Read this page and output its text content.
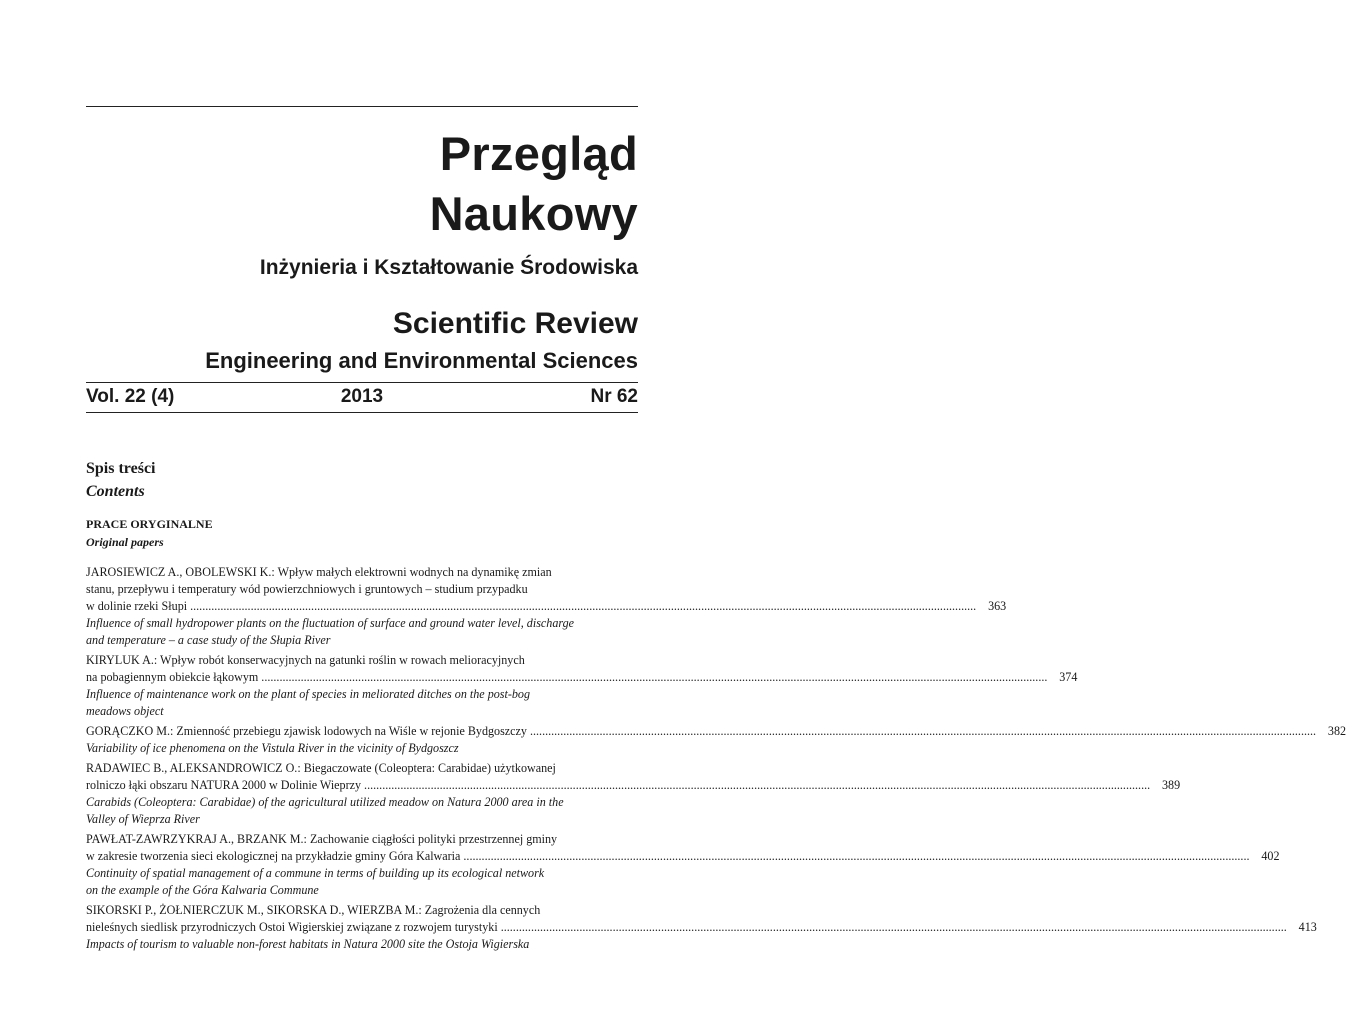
Przegląd
Naukowy
Inżynieria i Kształtowanie Środowiska
Scientific Review
Engineering and Environmental Sciences
Vol. 22 (4)	2013	Nr 62
Spis treści
Contents
PRACE ORYGINALNE
Original papers
JAROSIEWICZ A., OBOLEWSKI K.: Wpływ małych elektrowni wodnych na dynamikę zmian
stanu, przepływu i temperatury wód powierzchniowych i gruntowych – studium przypadku
w dolinie rzeki Słupi .................................................................................................................................................................................................................................................................... 363
Influence of small hydropower plants on the fluctuation of surface and ground water level, discharge
and temperature – a case study of the Słupia River
KIRYLUK A.: Wpływ robót konserwacyjnych na gatunki roślin w rowach melioracyjnych
na pobagiennym obiekcie łąkowym .................................................................................................................................................................................................................................................................... 374
Influence of maintenance work on the plant of species in meliorated ditches on the post-bog
meadows object
GORĄCZKO M.: Zmienność przebiegu zjawisk lodowych na Wiśle w rejonie Bydgoszczy .................................................................................................................................................................................................................................................................... 382
Variability of ice phenomena on the Vistula River in the vicinity of Bydgoszcz
RADAWIEC B., ALEKSANDROWICZ O.: Biegaczowate (Coleoptera: Carabidae) użytkowanej
rolniczo łąki obszaru NATURA 2000 w Dolinie Wieprzy .................................................................................................................................................................................................................................................................... 389
Carabids (Coleoptera: Carabidae) of the agricultural utilized meadow on Natura 2000 area in the
Valley of Wieprza River
PAWŁAT-ZAWRZYKRAJ A., BRZANK M.: Zachowanie ciągłości polityki przestrzennej gminy
w zakresie tworzenia sieci ekologicznej na przykładzie gminy Góra Kalwaria .................................................................................................................................................................................................................................................................... 402
Continuity of spatial management of a commune in terms of building up its ecological network
on the example of the Góra Kalwaria Commune
SIKORSKI P., ŻOŁNIERCZUK M., SIKORSKA D., WIERZBA M.: Zagrożenia dla cennych
nieleśnych siedlisk przyrodniczych Ostoi Wigierskiej związane z rozwojem turystyki .................................................................................................................................................................................................................................................................... 413
Impacts of tourism to valuable non-forest habitats in Natura 2000 site the Ostoja Wigierska
